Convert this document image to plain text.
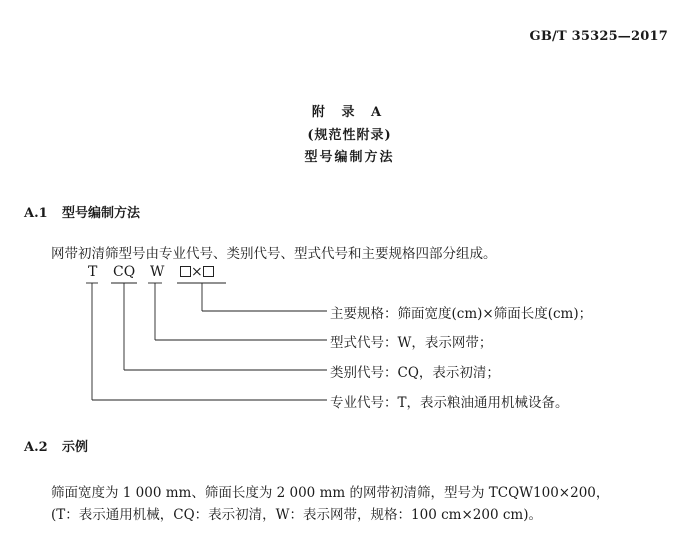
GB/T 35325—2017
附 录 A
(规范性附录)
型号编制方法
A.1 型号编制方法
网带初清筛型号由专业代号、类别代号、型式代号和主要规格四部分组成。
T CQ W	×
主要规格：筛面宽度(cm)×筛面长度(cm)；
型式代号：W，表示网带；
类别代号：CQ，表示初清；
专业代号：T，表示粮油通用机械设备。
A.2 示例
筛面宽度为 1 000 mm、筛面长度为 2 000 mm 的网带初清筛，型号为 TCQW100×200，
(T：表示通用机械，CQ：表示初清，W：表示网带，规格：100 cm×200 cm)。
